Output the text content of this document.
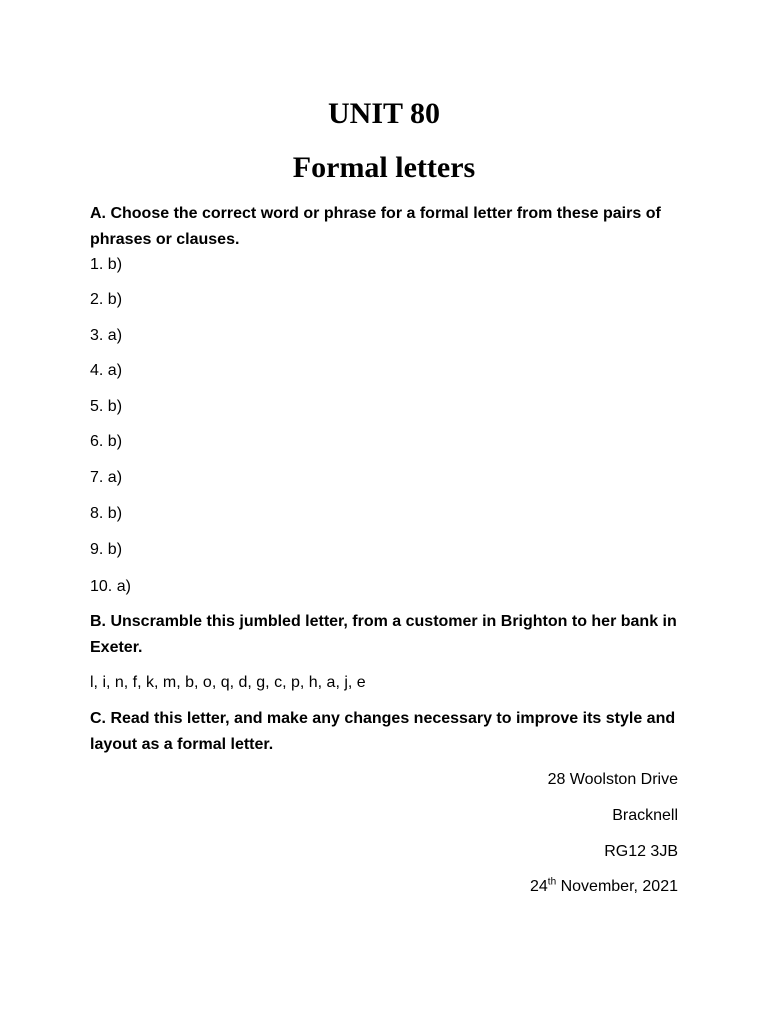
UNIT 80
Formal letters

A. Choose the correct word or phrase for a formal letter from these pairs of phrases or clauses.

1. b)

2. b)

3. a)

4. a)

5. b)

6. b)

7. a)

8. b)

9. b)

10. a)

B. Unscramble this jumbled letter, from a customer in Brighton to her bank in Exeter.

l, i, n, f, k, m, b, o, q, d, g, c, p, h, a, j, e

C. Read this letter, and make any changes necessary to improve its style and layout as a formal letter.

28 Woolston Drive

Bracknell

RG12 3JB

24th November, 2021
